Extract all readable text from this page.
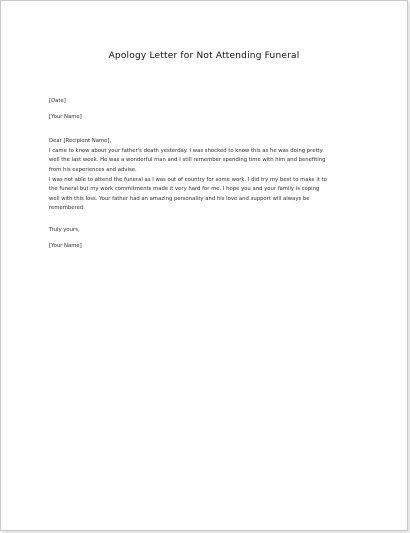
Apology Letter for Not Attending Funeral
[Date]
[Your Name]
Dear [Recipient Name],
I came to know about your father's death yesterday. I was shocked to know this as he was doing pretty
well the last week. He was a wonderful man and I still remember spending time with him and benefiting
from his experiences and advise.
I was not able to attend the funeral as I was out of country for some work. I did try my best to make it to
the funeral but my work commitments made it very hard for me. I hope you and your family is coping
well with this loss. Your father had an amazing personality and his love and support will always be
remembered.
Truly yours,
[Your Name]
